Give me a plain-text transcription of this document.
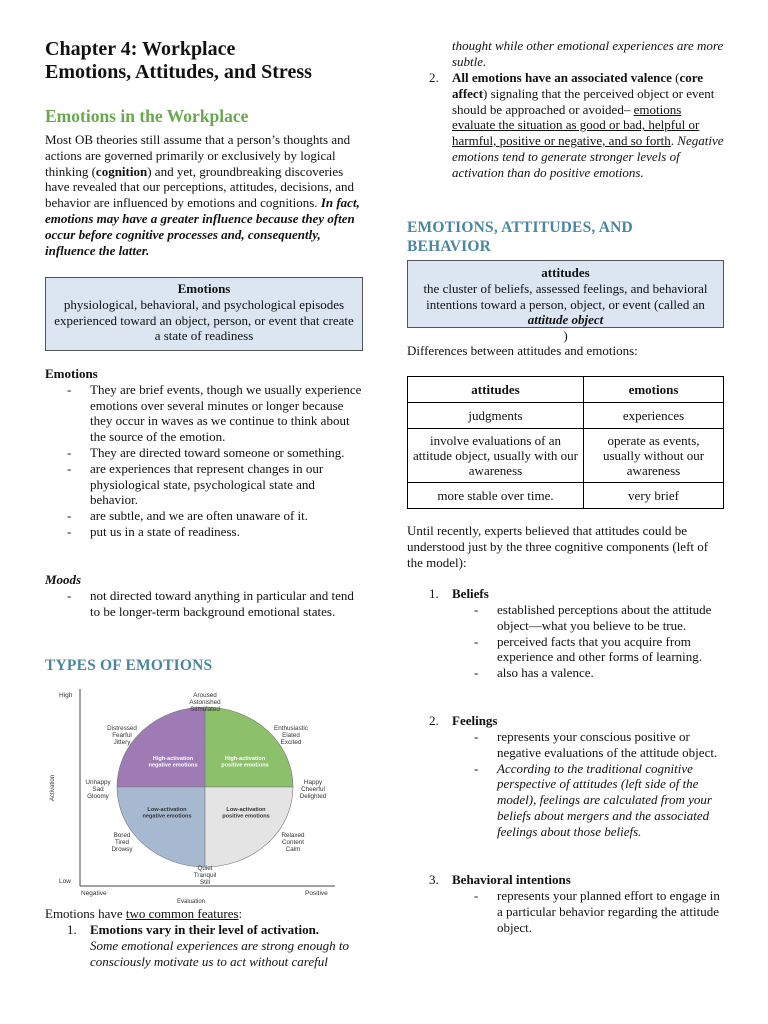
Chapter 4: Workplace
Emotions, Attitudes, and Stress
Emotions in the Workplace

Most OB theories still assume that a person’s thoughts and actions are governed primarily or exclusively by logical thinking (cognition) and yet, groundbreaking discoveries have revealed that our perceptions, attitudes, decisions, and behavior are influenced by emotions and cognitions. In fact, emotions may have a greater influence because they often occur before cognitive processes and, consequently, influence the latter.

Emotions
physiological, behavioral, and psychological episodes experienced toward an object, person, or event that create a state of readiness
Emotions
- They are brief events, though we usually experience emotions over several minutes or longer because they occur in waves as we continue to think about the source of the emotion.
- They are directed toward someone or something.
- are experiences that represent changes in our physiological state, psychological state and behavior.
- are subtle, and we are often unaware of it.
- put us in a state of readiness.
Moods
- not directed toward anything in particular and tend to be longer-term background emotional states.
TYPES OF EMOTIONS
High
Low
Negative	Positive
Evaluation
Activation
High-activation
negative emotions
High-activation
positive emotions
Low-activation
negative emotions
Low-activation
positive emotions
Aroused
Astonished
Stimulated
Distressed
Fearful
Jittery
Enthusiastic
Elated
Excited
Unhappy
Sad
Gloomy
Happy
Cheerful
Delighted
Bored
Tired
Drowsy
Relaxed
Content
Calm
Quiet
Tranquil
Still

Emotions have two common features:

1. Emotions vary in their level of activation.
Some emotional experiences are strong enough to consciously motivate us to act without careful
thought while other emotional experiences are more subtle.
2. All emotions have an associated valence (core affect) signaling that the perceived object or event should be approached or avoided– emotions evaluate the situation as good or bad, helpful or harmful, positive or negative, and so forth. Negative emotions tend to generate stronger levels of activation than do positive emotions.
EMOTIONS, ATTITUDES, AND BEHAVIOR
attitudes
the cluster of beliefs, assessed feelings, and behavioral intentions toward a person, object, or event (called an
attitude object
)
Differences between attitudes and emotions:
attitudes	emotions
judgments	experiences
involve evaluations of an attitude object, usually with our awareness	operate as events, usually without our awareness
more stable over time.	very brief
Until recently, experts believed that attitudes could be understood just by the three cognitive components (left of the model):
1. Beliefs
- established perceptions about the attitude object—what you believe to be true.
- perceived facts that you acquire from experience and other forms of learning.
- also has a valence.
2. Feelings
- represents your conscious positive or negative evaluations of the attitude object.
- According to the traditional cognitive perspective of attitudes (left side of the model), feelings are calculated from your beliefs about mergers and the associated feelings about those beliefs.
3. Behavioral intentions
- represents your planned effort to engage in a particular behavior regarding the attitude object.
